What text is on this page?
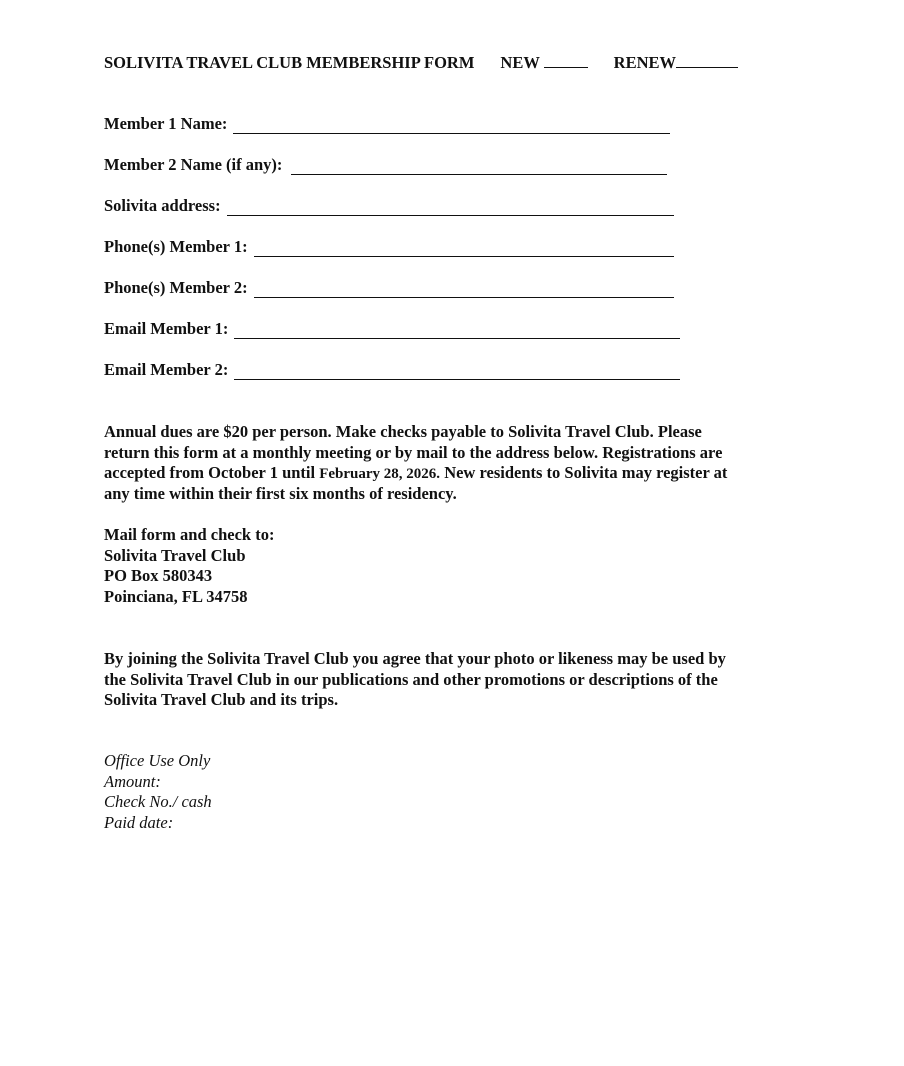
SOLIVITA TRAVEL CLUB MEMBERSHIP FORM NEW	RENEW
Member 1 Name:
Member 2 Name (if any):
Solivita address:
Phone(s) Member 1:
Phone(s) Member 2:
Email Member 1:
Email Member 2:
Annual dues are $20 per person. Make checks payable to Solivita Travel Club. Please
return this form at a monthly meeting or by mail to the address below. Registrations are
accepted from October 1 until February 28, 2026. New residents to Solivita may register at
any time within their first six months of residency.
Mail form and check to:
Solivita Travel Club
PO Box 580343
Poinciana, FL 34758
By joining the Solivita Travel Club you agree that your photo or likeness may be used by
the Solivita Travel Club in our publications and other promotions or descriptions of the
Solivita Travel Club and its trips.
Office Use Only
Amount:
Check No./ cash
Paid date:
